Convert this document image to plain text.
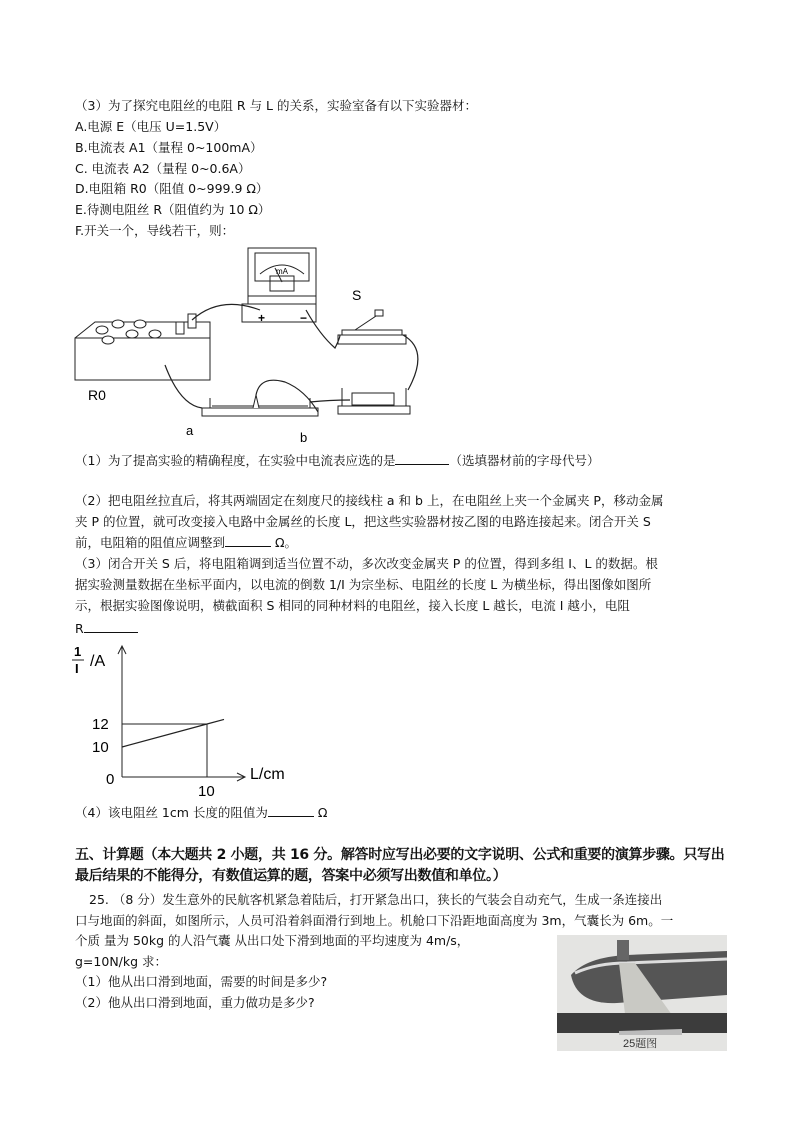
（3）为了探究电阻丝的电阻 R 与 L 的关系，实验室备有以下实验器材：
A.电源 E（电压 U=1.5V）
B.电流表 A1（量程 0~100mA）
C. 电流表 A2（量程 0~0.6A）
D.电阻箱 R0（阻值 0~999.9 Ω）
E.待测电阻丝 R（阻值约为 10 Ω）
F.开关一个，导线若干，则：
mA
+	−
R0
S
a	b
（1）为了提高实验的精确程度，在实验中电流表应选的是	（选填器材前的字母代号）
（2）把电阻丝拉直后，将其两端固定在刻度尺的接线柱 a 和 b 上，在电阻丝上夹一个金属夹 P，移动金属
夹 P 的位置，就可改变接入电路中金属丝的长度 L，把这些实验器材按乙图的电路连接起来。闭合开关 S
前，电阻箱的阻值应调整到	Ω。
（3）闭合开关 S 后，将电阻箱调到适当位置不动，多次改变金属夹 P 的位置，得到多组 I、L 的数据。根
据实验测量数据在坐标平面内，以电流的倒数 1/I 为宗坐标、电阻丝的长度 L 为横坐标，得出图像如图所
示，根据实验图像说明，横截面积 S 相同的同种材料的电阻丝，接入长度 L 越长，电流 I 越小，电阻
R
1
I /A
L/cm
0
10
12
10
（4）该电阻丝 1cm 长度的阻值为	Ω
五、计算题（本大题共 2 小题，共 16 分。解答时应写出必要的文字说明、公式和重要的演算步骤。只写出
最后结果的不能得分，有数值运算的题，答案中必须写出数值和单位。）
25. （8 分）发生意外的民航客机紧急着陆后，打开紧急出口，狭长的气装会自动充气，生成一条连接出
口与地面的斜面，如图所示，人员可沿着斜面滑行到地上。机舱口下沿距地面高度为 3m，气囊长为 6m。一
个质 量为 50kg 的人沿气囊 从出口处下滑到地面的平均速度为 4m/s，
g=10N/kg 求：
（1）他从出口滑到地面，需要的时间是多少?
（2）他从出口滑到地面，重力做功是多少?
25题图
